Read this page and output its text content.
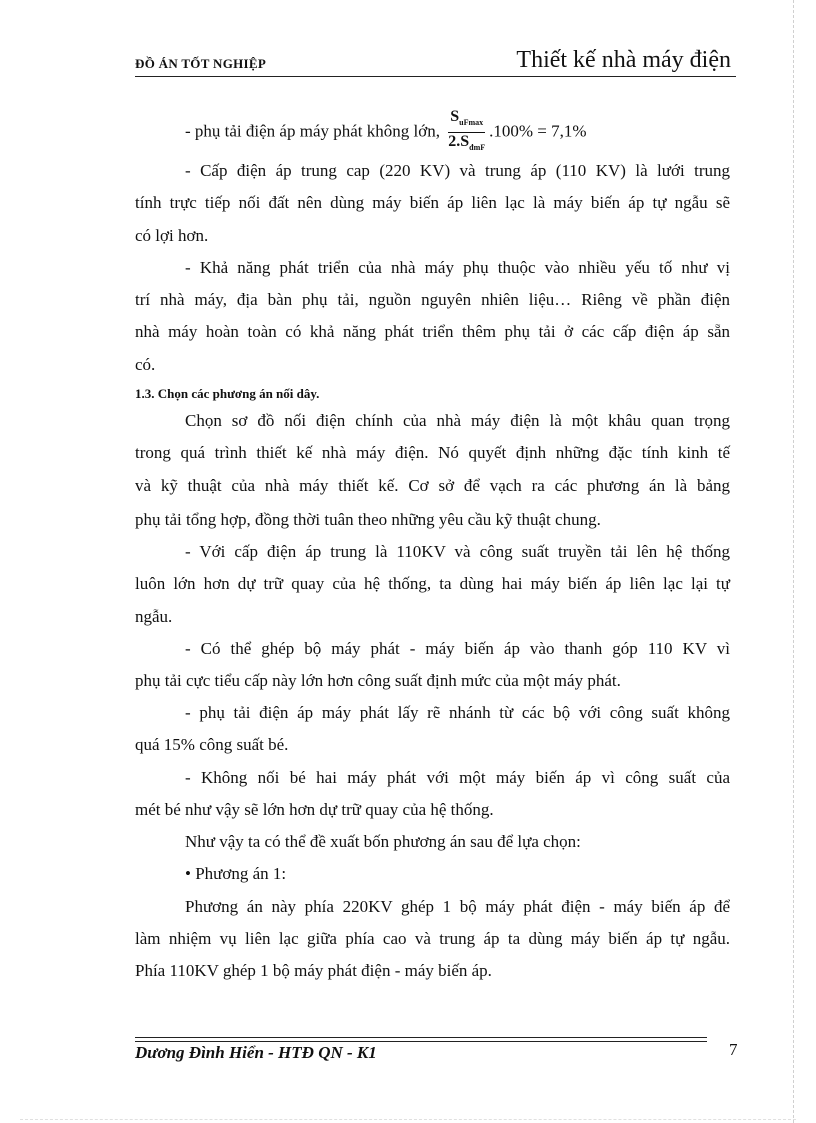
ĐỒ ÁN TỐT NGHIỆP	Thiết kế nhà máy điện
- phụ tải điện áp máy phát không lớn,
$S_{uFmax}$
$2.S_{đmF}$
.100% = 7,1%
- Cấp điện áp trung cap (220 KV) và trung áp (110 KV) là lưới trung
tính trực tiếp nối đất nên dùng máy biến áp liên lạc là máy biến áp tự ngẫu sẽ
có lợi hơn.
- Khả năng phát triển của nhà máy phụ thuộc vào nhiều yếu tố như vị
trí nhà máy, địa bàn phụ tải, nguồn nguyên nhiên liệu… Riêng về phần điện
nhà máy hoàn toàn có khả năng phát triển thêm phụ tải ở các cấp điện áp sẵn
có.
1.3. Chọn các phương án nối dây.
Chọn sơ đồ nối điện chính của nhà máy điện là một khâu quan trọng
trong quá trình thiết kế nhà máy điện. Nó quyết định những đặc tính kinh tế
và kỹ thuật của nhà máy thiết kế. Cơ sở để vạch ra các phương án là bảng
phụ tải tổng hợp, đồng thời tuân theo những yêu cầu kỹ thuật chung.
- Với cấp điện áp trung là 110KV và công suất truyền tải lên hệ thống
luôn lớn hơn dự trữ quay của hệ thống, ta dùng hai máy biến áp liên lạc lại tự
ngẫu.
- Có thể ghép bộ máy phát - máy biến áp vào thanh góp 110 KV vì
phụ tải cực tiểu cấp này lớn hơn công suất định mức của một máy phát.
- phụ tải điện áp máy phát lấy rẽ nhánh từ các bộ với công suất không
quá 15% công suất bé.
- Không nối bé hai máy phát với một máy biến áp vì công suất của
mét bé như vậy sẽ lớn hơn dự trữ quay của hệ thống.
Như vậy ta có thể đề xuất bốn phương án sau để lựa chọn:
• Phương án 1:
Phương án này phía 220KV ghép 1 bộ máy phát điện - máy biến áp để
làm nhiệm vụ liên lạc giữa phía cao và trung áp ta dùng máy biến áp tự ngẫu.
Phía 110KV ghép 1 bộ máy phát điện - máy biến áp.
Dương Đình Hiển - HTĐ QN - K1	7
